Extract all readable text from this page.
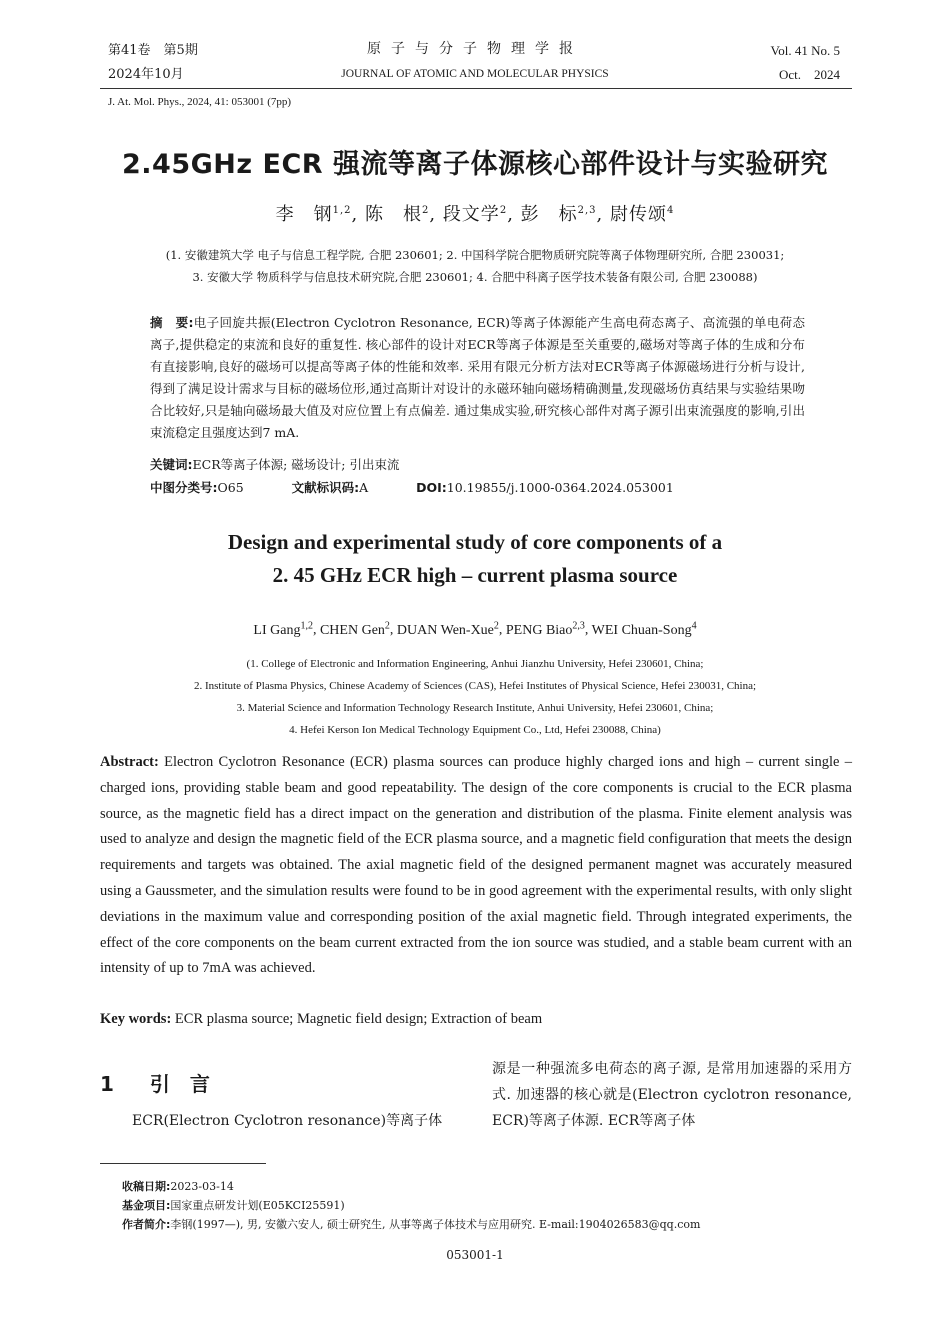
第41卷　第5期
2024年10月
原子与分子物理学报
JOURNAL OF ATOMIC AND MOLECULAR PHYSICS
Vol. 41 No. 5
Oct.　2024
J. At. Mol. Phys., 2024, 41: 053001 (7pp)
2.45GHz ECR 强流等离子体源核心部件设计与实验研究
李　钢$^{1,2}$, 陈　根$^2$, 段文学$^2$, 彭　标$^{2,3}$, 尉传颂$^4$
(1. 安徽建筑大学 电子与信息工程学院, 合肥 230601; 2. 中国科学院合肥物质研究院等离子体物理研究所, 合肥 230031;
3. 安徽大学 物质科学与信息技术研究院,合肥 230601; 4. 合肥中科离子医学技术装备有限公司, 合肥 230088)
摘　要:电子回旋共振(Electron Cyclotron Resonance, ECR)等离子体源能产生高电荷态离子、高流强的单电荷态离子,提供稳定的束流和良好的重复性. 核心部件的设计对ECR等离子体源是至关重要的,磁场对等离子体的生成和分布有直接影响,良好的磁场可以提高等离子体的性能和效率. 采用有限元分析方法对ECR等离子体源磁场进行分析与设计,得到了满足设计需求与目标的磁场位形,通过高斯计对设计的永磁环轴向磁场精确测量,发现磁场仿真结果与实验结果吻合比较好,只是轴向磁场最大值及对应位置上有点偏差. 通过集成实验,研究核心部件对离子源引出束流强度的影响,引出束流稳定且强度达到7 mA.
关键词:ECR等离子体源; 磁场设计; 引出束流
中图分类号:O65	文献标识码:A	DOI:10.19855/j.1000-0364.2024.053001
Design and experimental study of core components of a
2. 45 GHz ECR high – current plasma source
LI Gang$^{1,2}$, CHEN Gen$^2$, DUAN Wen-Xue$^2$, PENG Biao$^{2,3}$, WEI Chuan-Song$^4$
(1. College of Electronic and Information Engineering, Anhui Jianzhu University, Hefei 230601, China;
2. Institute of Plasma Physics, Chinese Academy of Sciences (CAS), Hefei Institutes of Physical Science, Hefei 230031, China;
3. Material Science and Information Technology Research Institute, Anhui University, Hefei 230601, China;
4. Hefei Kerson Ion Medical Technology Equipment Co., Ltd, Hefei 230088, China)
Abstract: Electron Cyclotron Resonance (ECR) plasma sources can produce highly charged ions and high – current single – charged ions, providing stable beam and good repeatability. The design of the core components is crucial to the ECR plasma source, as the magnetic field has a direct impact on the generation and distribution of the plasma. Finite element analysis was used to analyze and design the magnetic field of the ECR plasma source, and a magnetic field configuration that meets the design requirements and targets was obtained. The axial magnetic field of the designed permanent magnet was accurately measured using a Gaussmeter, and the simulation results were found to be in good agreement with the experimental results, with only slight deviations in the maximum value and corresponding position of the axial magnetic field. Through integrated experiments, the effect of the core components on the beam current extracted from the ion source was studied, and a stable beam current with an intensity of up to 7mA was achieved.
Key words: ECR plasma source; Magnetic field design; Extraction of beam
1 引　言
ECR(Electron Cyclotron resonance)等离子体
源是一种强流多电荷态的离子源, 是常用加速器的采用方式. 加速器的核心就是(Electron cyclotron resonance, ECR)等离子体源. ECR等离子体
收稿日期:2023-03-14
基金项目:国家重点研发计划(E05KCI25591)
作者简介:李钢(1997—), 男, 安徽六安人, 硕士研究生, 从事等离子体技术与应用研究. E-mail:1904026583@qq.com
053001-1
